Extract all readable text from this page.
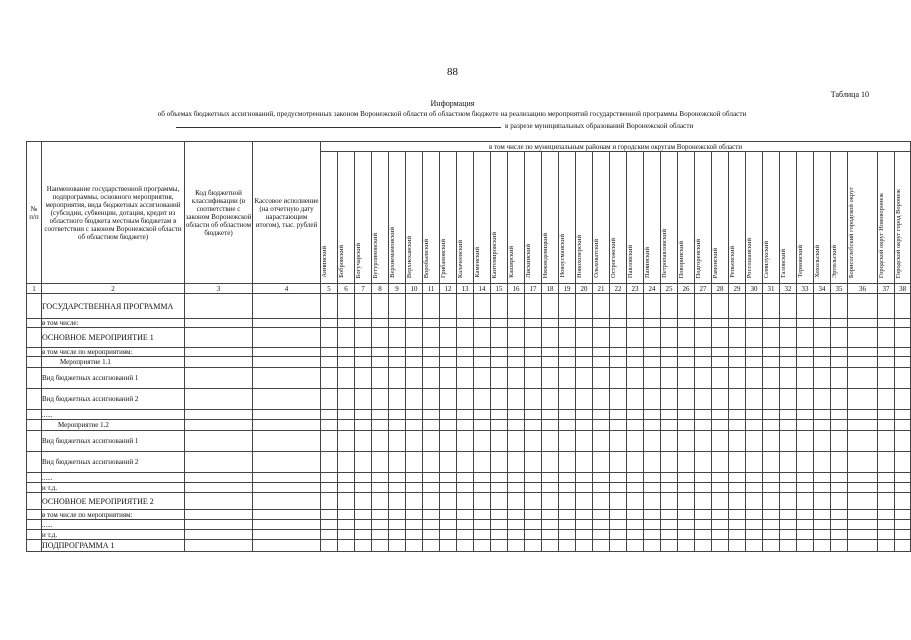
88
Таблица 10
Информация
об объемах бюджетных ассигнований, предусмотренных законом Воронежской области об областном бюджете на реализацию мероприятий государственной программы Воронежской области
в разрезе муниципальных образований Воронежской области
№ п/п	Наименование государственной программы, подпрограммы, основного мероприятия, мероприятия, вида бюджетных ассигнований (субсидии, субвенции, дотация, кредит из областного бюджета местным бюджетам в соответствии с законом Воронежской области об областном бюджете)	Код бюджетной классификации (в соответствие с законом Воронежской области об областном бюджете)	Кассовое исполнение (на отчетную дату нарастающим итогом), тыс. рублей	в том числе по муниципальным районам и городским округам Воронежской области																																	
				Аннинский	Бобровский	Богучарский	Бутурлиновский	Верхнемамонский	Верхнехавский	Воробьевский	Грибановский	Калачеевский	Каменский	Кантемировский	Каширский	Лискинский	Нижнедевицкий	Новоусманский	Новохоперский	Ольховатский	Острогожский	Павловский	Панинский	Петропавловский	Поворинский	Подгоренский	Рамонский	Репьевский	Россошанский	Семилукский	Таловский	Терновский	Хохольский	Эртильский	Борисоглебский городской округ	Городской округ Нововоронеж	Городской округ город Воронеж
1	2	3	4	5	6	7	8	9	10	11	12	13	14	15	16	17	18	19	20	21	22	23	24	25	26	27	28	29	30	31	32	33	34	35	36	37	38
	ГОСУДАРСТВЕННАЯ ПРОГРАММА																																				
	в том числе:																																				
	ОСНОВНОЕ МЕРОПРИЯТИЕ 1																																				
	в том числе по мероприятиям:																																				
	Мероприятие 1.1																																				
	Вид бюджетных ассигнований 1																																				
	Вид бюджетных ассигнований 2																																				
	......																																				
	Мероприятие 1.2																																				
	Вид бюджетных ассигнований 1																																				
	Вид бюджетных ассигнований 2																																				
	......																																				
	и т.д.																																				
	ОСНОВНОЕ МЕРОПРИЯТИЕ 2																																				
	в том числе по мероприятиям:																																				
	......																																				
	и т.д.																																				
	ПОДПРОГРАММА 1																																				
